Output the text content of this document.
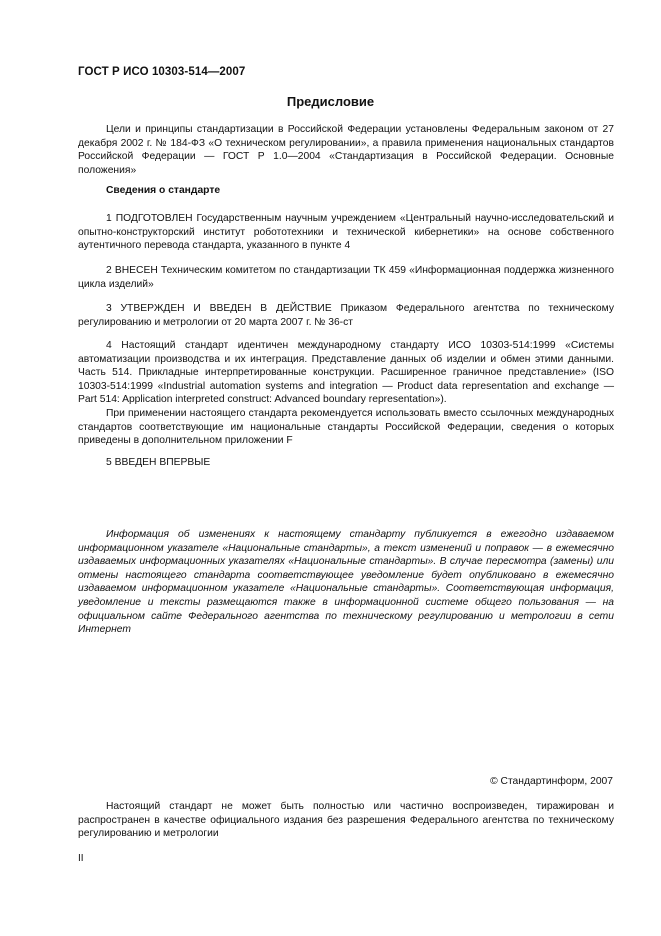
ГОСТ Р ИСО 10303-514—2007
Предисловие

Цели и принципы стандартизации в Российской Федерации установлены Федеральным законом от 27 декабря 2002 г. № 184-ФЗ «О техническом регулировании», а правила применения национальных стандартов Российской Федерации — ГОСТ Р 1.0—2004 «Стандартизация в Российской Федерации. Основные положения»

Сведения о стандарте

1 ПОДГОТОВЛЕН Государственным научным учреждением «Центральный научно-исследовательский и опытно-конструкторский институт робототехники и технической кибернетики» на основе собственного аутентичного перевода стандарта, указанного в пункте 4

2 ВНЕСЕН Техническим комитетом по стандартизации ТК 459 «Информационная поддержка жизненного цикла изделий»

3 УТВЕРЖДЕН И ВВЕДЕН В ДЕЙСТВИЕ Приказом Федерального агентства по техническому регулированию и метрологии от 20 марта 2007 г. № 36-ст

4 Настоящий стандарт идентичен международному стандарту ИСО 10303-514:1999 «Системы автоматизации производства и их интеграция. Представление данных об изделии и обмен этими данными. Часть 514. Прикладные интерпретированные конструкции. Расширенное граничное представление» (ISO 10303-514:1999 «Industrial automation systems and integration — Product data representation and exchange — Part 514: Application interpreted construct: Advanced boundary representation»).

При применении настоящего стандарта рекомендуется использовать вместо ссылочных международных стандартов соответствующие им национальные стандарты Российской Федерации, сведения о которых приведены в дополнительном приложении F

5 ВВЕДЕН ВПЕРВЫЕ

Информация об изменениях к настоящему стандарту публикуется в ежегодно издаваемом информационном указателе «Национальные стандарты», а текст изменений и поправок — в ежемесячно издаваемых информационных указателях «Национальные стандарты». В случае пересмотра (замены) или отмены настоящего стандарта соответствующее уведомление будет опубликовано в ежемесячно издаваемом информационном указателе «Национальные стандарты». Соответствующая информация, уведомление и тексты размещаются также в информационной системе общего пользования — на официальном сайте Федерального агентства по техническому регулированию и метрологии в сети Интернет

© Стандартинформ, 2007

Настоящий стандарт не может быть полностью или частично воспроизведен, тиражирован и распространен в качестве официального издания без разрешения Федерального агентства по техническому регулированию и метрологии

II
